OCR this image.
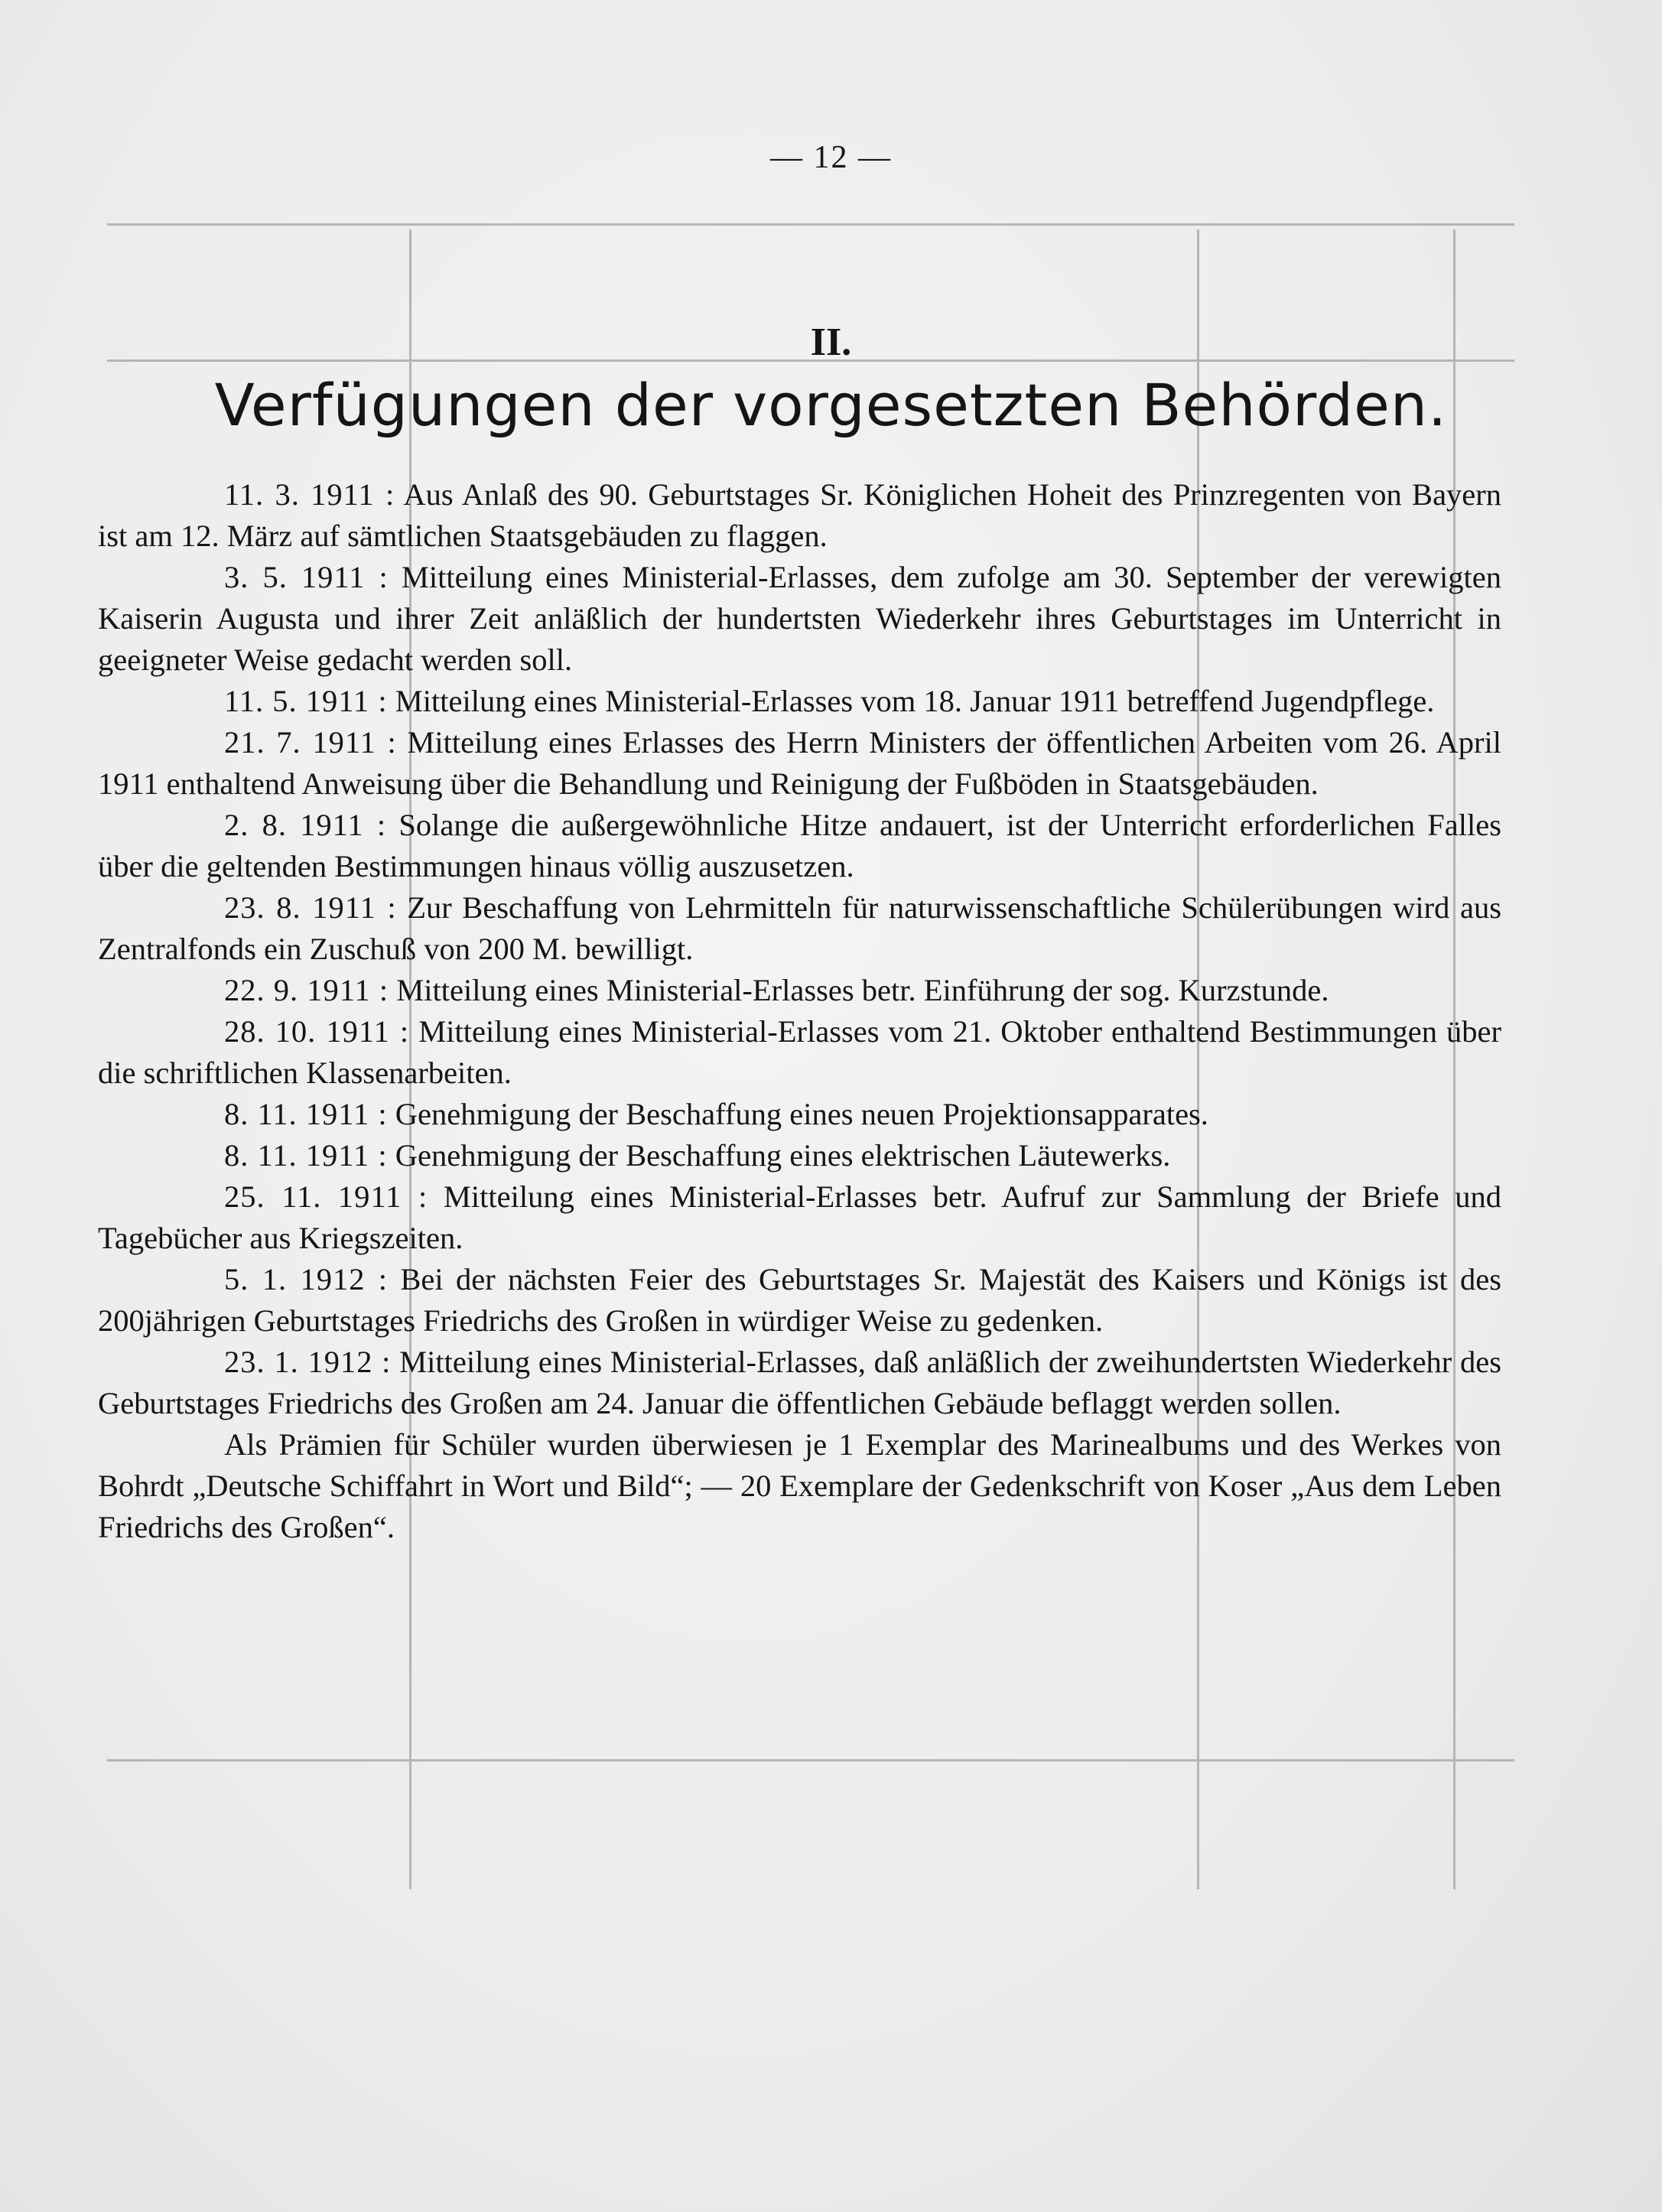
— 12 —
II.
Verfügungen der vorgesetzten Behörden.

11. 3. 1911 : Aus Anlaß des 90. Geburtstages Sr. Königlichen Hoheit des Prinzregenten von Bayern ist am 12. März auf sämtlichen Staatsgebäuden zu flaggen.

3. 5. 1911 : Mitteilung eines Ministerial-Erlasses, dem zufolge am 30. September der verewigten Kaiserin Augusta und ihrer Zeit anläßlich der hundertsten Wiederkehr ihres Geburtstages im Unterricht in geeigneter Weise gedacht werden soll.

11. 5. 1911 : Mitteilung eines Ministerial-Erlasses vom 18. Januar 1911 betreffend Jugendpflege.

21. 7. 1911 : Mitteilung eines Erlasses des Herrn Ministers der öffentlichen Arbeiten vom 26. April 1911 enthaltend Anweisung über die Behandlung und Reinigung der Fußböden in Staatsgebäuden.

2. 8. 1911 : Solange die außergewöhnliche Hitze andauert, ist der Unterricht erforderlichen Falles über die geltenden Bestimmungen hinaus völlig auszusetzen.

23. 8. 1911 : Zur Beschaffung von Lehrmitteln für naturwissenschaftliche Schülerübungen wird aus Zentralfonds ein Zuschuß von 200 M. bewilligt.

22. 9. 1911 : Mitteilung eines Ministerial-Erlasses betr. Einführung der sog. Kurzstunde.

28. 10. 1911 : Mitteilung eines Ministerial-Erlasses vom 21. Oktober enthaltend Bestimmungen über die schriftlichen Klassenarbeiten.

8. 11. 1911 : Genehmigung der Beschaffung eines neuen Projektionsapparates.

8. 11. 1911 : Genehmigung der Beschaffung eines elektrischen Läutewerks.

25. 11. 1911 : Mitteilung eines Ministerial-Erlasses betr. Aufruf zur Sammlung der Briefe und Tagebücher aus Kriegszeiten.

5. 1. 1912 : Bei der nächsten Feier des Geburtstages Sr. Majestät des Kaisers und Königs ist des 200jährigen Geburtstages Friedrichs des Großen in würdiger Weise zu gedenken.

23. 1. 1912 : Mitteilung eines Ministerial-Erlasses, daß anläßlich der zweihundertsten Wiederkehr des Geburtstages Friedrichs des Großen am 24. Januar die öffentlichen Gebäude beflaggt werden sollen.

Als Prämien für Schüler wurden überwiesen je 1 Exemplar des Marinealbums und des Werkes von Bohrdt „Deutsche Schiffahrt in Wort und Bild“; — 20 Exemplare der Gedenkschrift von Koser „Aus dem Leben Friedrichs des Großen“.
